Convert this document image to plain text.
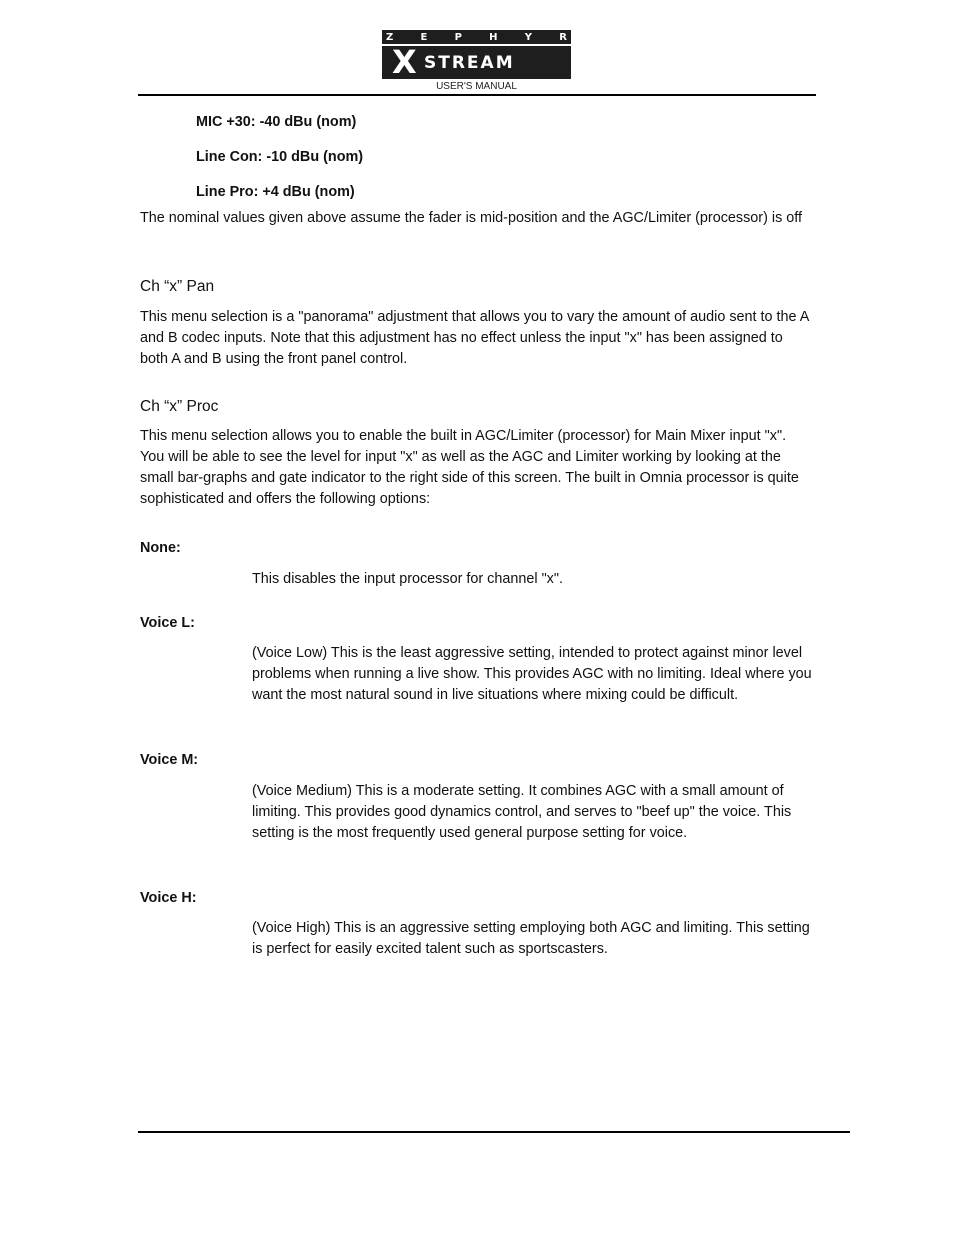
Z	E	P	H	Y	R
X STREAM
USER'S MANUAL

MIC +30: -40 dBu (nom)

Line Con: -10 dBu (nom)

Line Pro: +4 dBu (nom)

The nominal values given above assume the fader is mid-position and the AGC/Limiter (processor) is off

Ch “x” Pan

This menu selection is a "panorama" adjustment that allows you to vary the amount of audio sent to the A and B codec inputs. Note that this adjustment has no effect unless the input "x" has been assigned to both A and B using the front panel control.

Ch “x” Proc

This menu selection allows you to enable the built in AGC/Limiter (processor) for Main Mixer input "x". You will be able to see the level for input "x" as well as the AGC and Limiter working by looking at the small bar-graphs and gate indicator to the right side of this screen. The built in Omnia processor is quite sophisticated and offers the following options:

None:

This disables the input processor for channel "x".

Voice L:

(Voice Low) This is the least aggressive setting, intended to protect against minor level problems when running a live show. This provides AGC with no limiting. Ideal where you want the most natural sound in live situations where mixing could be difficult.

Voice M:

(Voice Medium) This is a moderate setting. It combines AGC with a small amount of limiting. This provides good dynamics control, and serves to "beef up" the voice. This setting is the most frequently used general purpose setting for voice.

Voice H:

(Voice High) This is an aggressive setting employing both AGC and limiting. This setting is perfect for easily excited talent such as sportscasters.
